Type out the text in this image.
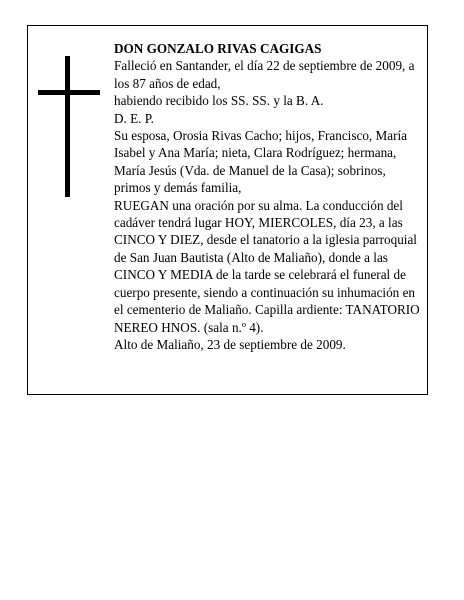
DON GONZALO RIVAS CAGIGAS

Falleció en Santander, el día 22 de septiembre de 2009, a los 87 años de edad,

habiendo recibido los SS. SS. y la B. A.

D. E. P.

Su esposa, Orosia Rivas Cacho; hijos, Francisco, María Isabel y Ana María; nieta, Clara Rodríguez; hermana, María Jesús (Vda. de Manuel de la Casa); sobrinos, primos y demás familia,

RUEGAN una oración por su alma. La conducción del cadáver tendrá lugar HOY, MIERCOLES, día 23, a las CINCO Y DIEZ, desde el tanatorio a la iglesia parroquial de San Juan Bautista (Alto de Maliaño), donde a las CINCO Y MEDIA de la tarde se celebrará el funeral de cuerpo presente, siendo a continuación su inhumación en el cementerio de Maliaño. Capilla ardiente: TANATORIO NEREO HNOS. (sala n.º 4).

Alto de Maliaño, 23 de septiembre de 2009.
